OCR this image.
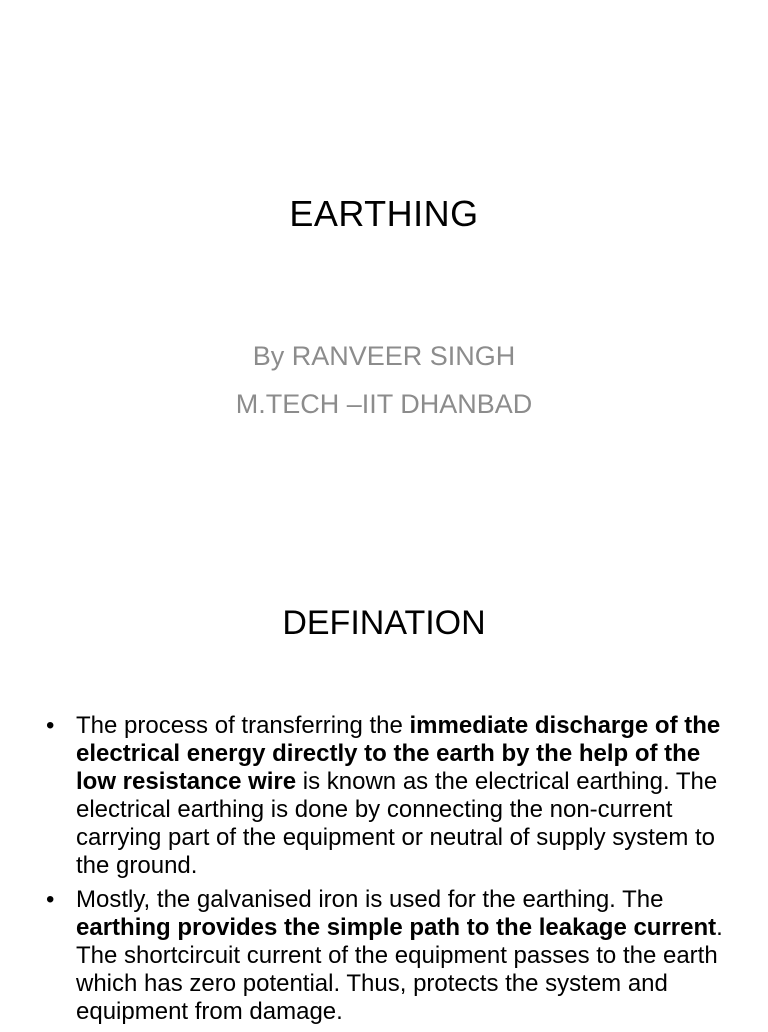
EARTHING
By RANVEER SINGH
M.TECH –IIT DHANBAD
DEFINATION
• The process of transferring the immediate discharge of the electrical energy directly to the earth by the help of the low resistance wire is known as the electrical earthing. The electrical earthing is done by connecting the non-current carrying part of the equipment or neutral of supply system to the ground.
• Mostly, the galvanised iron is used for the earthing. The earthing provides the simple path to the leakage current. The shortcircuit current of the equipment passes to the earth which has zero potential. Thus, protects the system and equipment from damage.
